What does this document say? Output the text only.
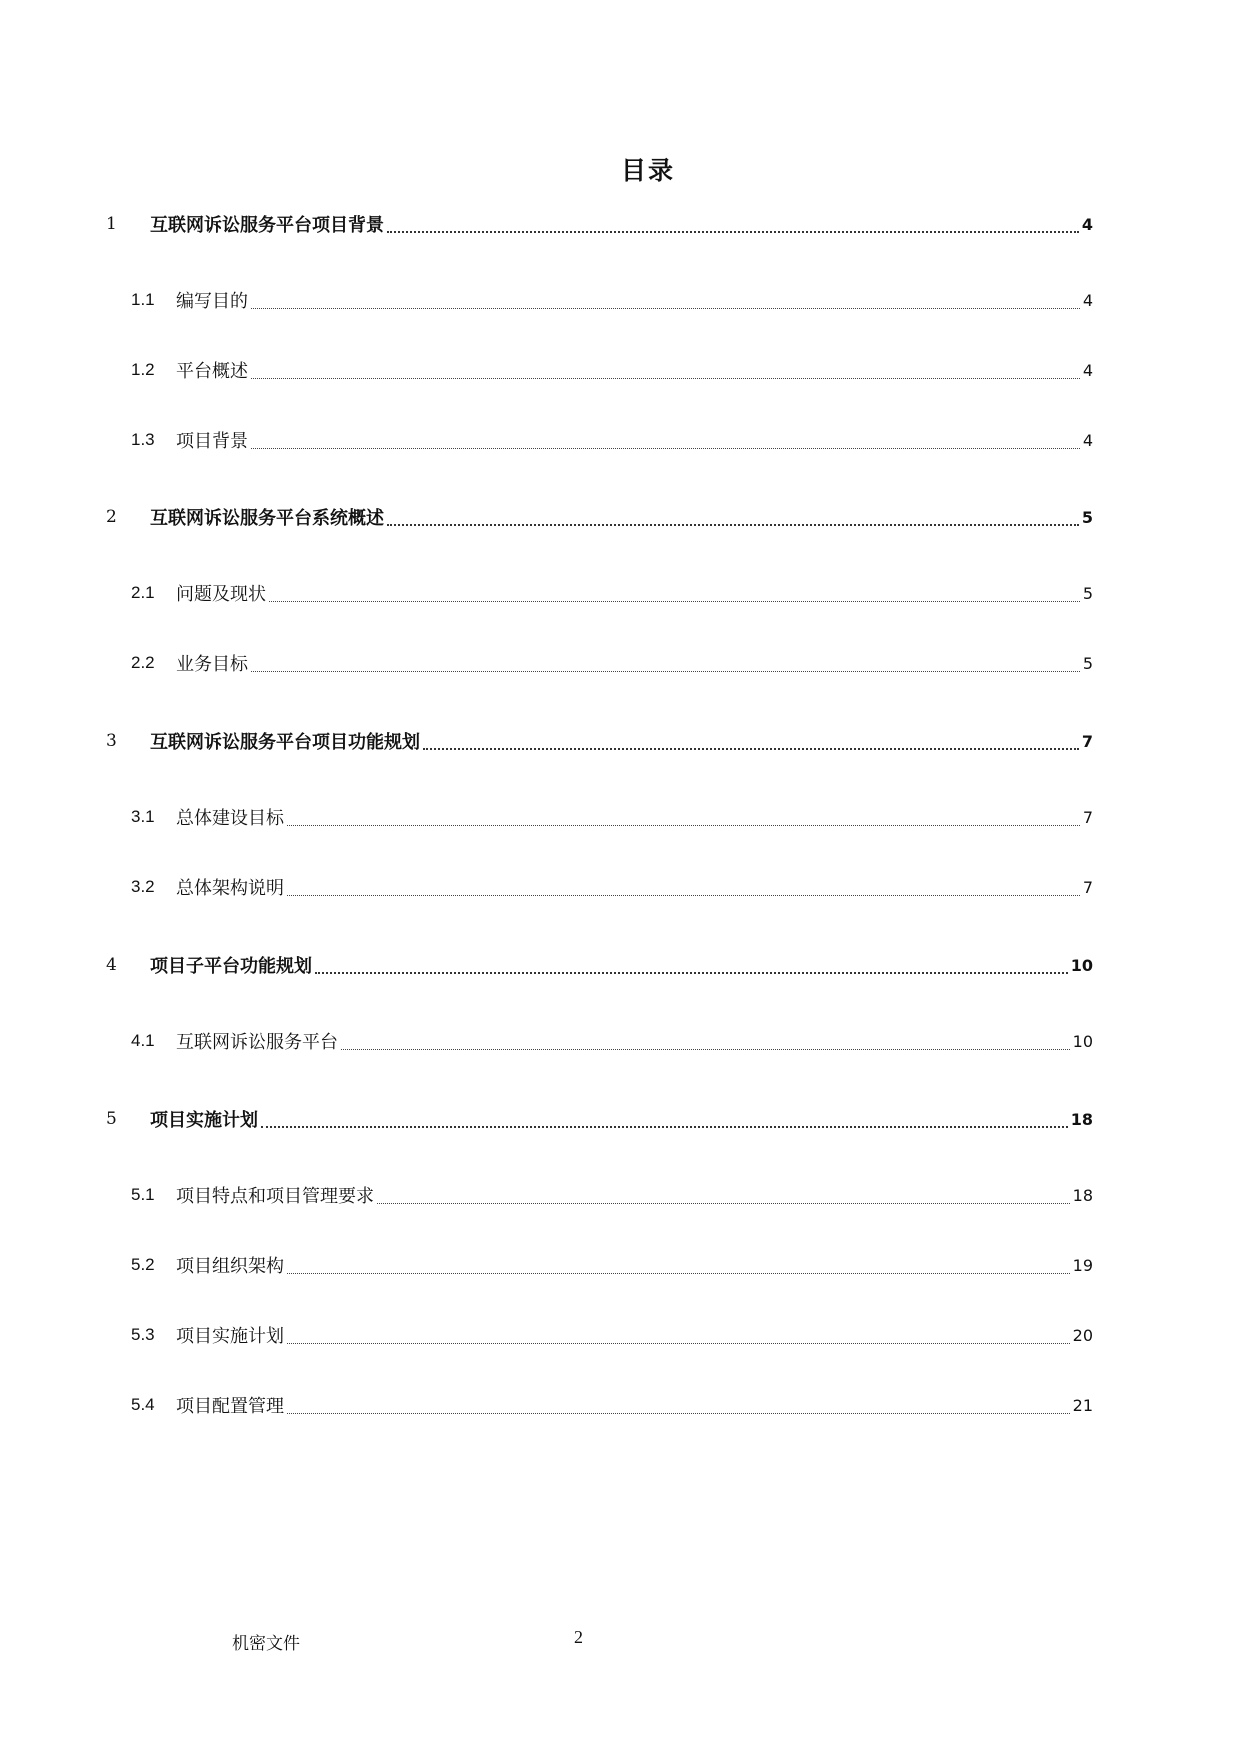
目录
1 互联网诉讼服务平台项目背景	4
1.1 编写目的	4
1.2 平台概述	4
1.3 项目背景	4
2 互联网诉讼服务平台系统概述	5
2.1 问题及现状	5
2.2 业务目标	5
3 互联网诉讼服务平台项目功能规划	7
3.1 总体建设目标	7
3.2 总体架构说明	7
4 项目子平台功能规划	10
4.1 互联网诉讼服务平台	10
5 项目实施计划	18
5.1 项目特点和项目管理要求	18
5.2 项目组织架构	19
5.3 项目实施计划	20
5.4 项目配置管理	21
机密文件	2
